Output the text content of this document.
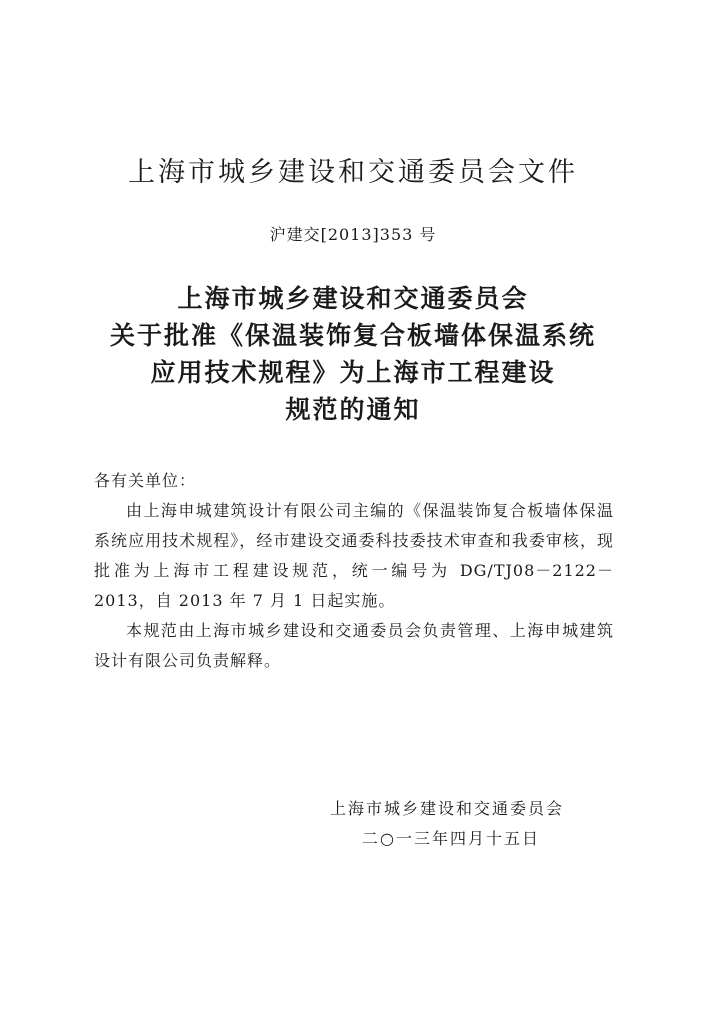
上海市城乡建设和交通委员会文件
沪建交[2013]353 号
上海市城乡建设和交通委员会
关于批准《保温装饰复合板墙体保温系统
应用技术规程》为上海市工程建设
规范的通知

各有关单位：

由上海申城建筑设计有限公司主编的《保温装饰复合板墙体保温系统应用技术规程》，经市建设交通委科技委技术审查和我委审核，现批准为上海市工程建设规范，统一编号为 DG/TJ08－2122－2013，自 2013 年 7 月 1 日起实施。

本规范由上海市城乡建设和交通委员会负责管理、上海申城建筑设计有限公司负责解释。

上海市城乡建设和交通委员会
二○一三年四月十五日
